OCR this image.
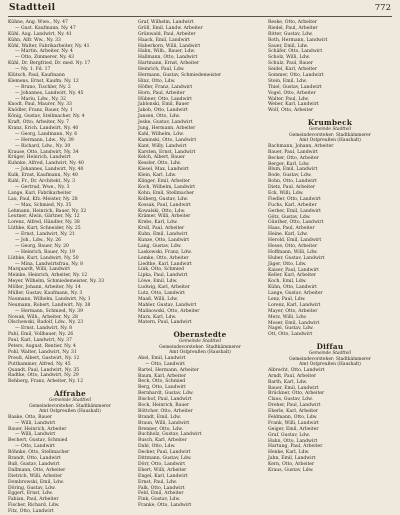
Stadtteil	772
Kühne, Ang. Wwe., Ny. 47
— Gust. Kaufmann, Ny. 47
Kühl, Aug. Landwirt, Ny. 41
Kühn, Alfr. Ww., Ny. 33
Kühl, Walter, Fabrikarbeiter, Ny. 41
— Martin, Arbeiter, Ny. 4
— Otto, Zimmerer, Ny. 43
Kühl, Dr. Bergfried, Dr. med. Ny. 17
— Ny. 1. Fd. 17
Klütsch, Paul, Kaufmann
Klemens, Ernst, Kaufm. Ny. 12
— Bruno, Tischler, Ny. 2
— Johannes, Landwirt, Ny. 45
— Mariu, Ldw., Ny. 32
Knodt, Paul, Maurer, Ny. 33
Knödler, Franz, Bauer, Ny. 1
König, Gustav, Stellmacher, Ny. 4
Kraft, Otto, Arbeiter, Ny. 7
Kranz, Erich, Landwirt, Ny. 40
— Georg, Landmann, Ny. 6
— Hermann, Ldw., Ny. 39
— Richard, Ldw., Ny. 30
Krause, Otto, Landwirt, Ny. 34
Krüger, Heinrich, Landwirt
Kuhnke, Alfred, Landwirt, Ny. 40
— Johannes, Landwirt, Ny. 40
Kulk, Ernst, Kaufmann, Ny. 40
Kuhl, Fr., Dr. Architekt, Ny. 3
— Gertrud, Wwe., Ny. 3
Lange, Karl, Fabrikarbeiter
Lau, Paul, Kfz.-Meister, Ny. 28
— Max, Schmied, Ny. 35
Lehmann, Heinrich, Bauer, Ny. 32
Leutner, Alwin, Gärtner, Ny. 12
Lorenz, Alfred, Händler, Ny. 38
Lüthke, Kurt, Schneider, Ny. 25
— Ernst, Landwirt, Ny. 21
— Joh., Ldw., Ny. 26
— Georg, Bauer, Ny. 20
— Heinrich, Bauer, Ny. 19
Lüthke, Kurt, Landwirt, Ny. 50
— Mina, Landwirtsfrau, Ny. 8
Marquardt, Willi, Landwirt
Meinke, Heinrich, Arbeiter, Ny. 12
Meyer, Wilhelm, Schmiedemeister, Ny. 33
Möller, Johann, Arbeiter, Ny. 14
Müller, Gustav, Kaufmann, Ny. 3
Naumann, Wilhelm, Landwirt, Ny. 1
Neumann, Robert, Landwirt, Ny. 38
— Hermann, Schmied, Ny. 39
Nowak, Wilh., Arbeiter, Ny. 28
Olschewski, Rudolf, Ldw., Ny. 23
— Ernst, Landwirt, Ny. 8
Pahl, Emil, Vollbauer, Ny. 26
Paul, Karl, Landwirt, Ny. 37
Peters, August, Rentier, Ny. 4
Pohl, Walter, Landwirt, Ny. 31
Preuß, Albert, Gastwirt, Ny. 12
Puttkammer, Alfred, Ny. 45
Quandt, Paul, Landwirt, Ny. 35
Radtke, Otto, Landwirt, Ny. 29
Rehberg, Franz, Arbeiter, Ny. 12
Affrahe
Gemeinde Stadtteil
Gemeindevorsteher: Stadtkämmerer
Amt Ostpreußen (Haushalt)
Baake, Otto, Bauer
— Willi, Landwirt
Bauer, Heinrich, Arbeiter
— Willi, Landwirt
Bechert, Gustav, Schmied
— Otto, Landwirt
Böhnke, Otto, Stellmacher
Brandt, Otto, Landwirt
Buß, Gustav, Landwirt
Dallmann, Otto, Arbeiter
Dietrich, Willi, Arbeiter
Dombrowski, Emil, Ldw.
Döring, Gustav, Ldw.
Eggert, Ernst, Ldw.
Fabian, Paul, Arbeiter
Fischer, Richard, Ldw.
Fitz, Otto, Landwirt
Graf, Wilhelm, Landwirt
Gröll, Emil, Landw. Arbeiter
Grünwald, Paul, Arbeiter
Haack, Emil, Landwirt
Haberkorn, Willi, Landwirt
Hahn, Wilh., Bauer, Ldw.
Hallmann, Otto, Landwirt
Hartmann, Ernst, Arbeiter
Heinrich, Paul, Ldw.
Hermann, Gustav, Schmiedemeister
Hinz, Otto, Ldw.
Höfler, Franz, Landwirt
Horn, Paul, Arbeiter
Hübner, Otto, Landwirt
Jablonski, Emil, Bauer
Jakob, Otto, Landwirt
Jansen, Otto, Ldw.
Jeske, Gustav, Landwirt
Jung, Hermann, Arbeiter
Kahl, Wilhelm, Ldw.
Kaminski, Otto, Landwirt
Kant, Willy, Landwirt
Karsten, Ernst, Landwirt
Kelch, Albert, Bauer
Kessler, Otto, Ldw.
Kiesel, Max, Landwirt
Klein, Karl, Ldw.
Klinger, Emil, Arbeiter
Koch, Wilhelm, Landwirt
Kohn, Emil, Stellmacher
Kolberg, Gustav, Ldw.
Kossak, Paul, Landwirt
Kowalski, Otto, Ldw.
Krämer, Willi, Arbeiter
Krebs, Karl, Ldw.
Kroll, Paul, Arbeiter
Kuhn, Emil, Landwirt
Kunze, Otto, Landwirt
Lang, Gustav, Ldw.
Laskowski, Franz, Ldw.
Lemke, Otto, Arbeiter
Liedtke, Karl, Landwirt
Link, Otto, Schmied
Lipka, Paul, Landwirt
Löwe, Emil, Ldw.
Ludwig, Karl, Arbeiter
Lutz, Otto, Landwirt
Maaß, Willi, Ldw.
Mahler, Gustav, Landwirt
Malinowski, Otto, Arbeiter
Marx, Karl, Ldw.
Matern, Paul, Landwirt
Obernstedte
Gemeinde Stadtteil
Gemeindevorsteher: Stadtkämmerer
Amt Ostpreußen (Haushalt)
Abel, Emil, Landwirt
— Otto, Landwirt
Bartel, Hermann, Arbeiter
Baum, Karl, Arbeiter
Beck, Otto, Schmied
Berg, Otto, Landwirt
Bernhardt, Gustav, Ldw.
Bischof, Paul, Landwirt
Bock, Heinrich, Bauer
Böttcher, Otto, Arbeiter
Brandt, Emil, Ldw.
Braun, Willi, Landwirt
Brenner, Otto, Ldw.
Buchholz, Gustav, Landwirt
Busch, Karl, Arbeiter
Dahl, Otto, Ldw.
Decker, Paul, Landwirt
Dittmann, Gustav, Ldw.
Dörr, Otto, Landwirt
Ebert, Willi, Arbeiter
Engel, Karl, Landwirt
Ernst, Paul, Ldw.
Falk, Otto, Landwirt
Feld, Emil, Arbeiter
Fink, Gustav, Ldw.
Franke, Otto, Landwirt
Reske, Otto, Arbeiter
Riedel, Paul, Arbeiter
Ritter, Gustav, Ldw.
Roth, Hermann, Landwirt
Sauer, Emil, Ldw.
Schäfer, Otto, Landwirt
Scholz, Willi, Ldw.
Schulz, Paul, Bauer
Seidel, Karl, Arbeiter
Sommer, Otto, Landwirt
Stein, Emil, Ldw.
Thiel, Gustav, Landwirt
Vogel, Otto, Arbeiter
Walter, Paul, Ldw.
Weber, Karl, Landwirt
Wolf, Otto, Arbeiter
Krumbeck
Gemeinde Stadtteil
Gemeindevorsteher: Stadtkämmerer
Amt Ostpreußen (Haushalt)
Bachmann, Johann, Arbeiter
Bauer, Paul, Landwirt
Becker, Otto, Arbeiter
Berger, Karl, Ldw.
Blum, Emil, Landwirt
Bode, Gustav, Ldw.
Bohn, Otto, Landwirt
Dietz, Paul, Arbeiter
Eck, Willi, Ldw.
Fiedler, Otto, Landwirt
Fuchs, Karl, Arbeiter
Gerber, Emil, Landwirt
Götz, Gustav, Ldw.
Günther, Otto, Landwirt
Haas, Paul, Arbeiter
Heine, Karl, Ldw.
Herold, Emil, Landwirt
Hesse, Otto, Arbeiter
Hoffmann, Willi, Ldw.
Huber, Gustav, Landwirt
Jäger, Otto, Ldw.
Kaiser, Paul, Landwirt
Keller, Karl, Arbeiter
Koch, Emil, Ldw.
Kühn, Otto, Landwirt
Lange, Gustav, Arbeiter
Lenz, Paul, Ldw.
Lorenz, Karl, Landwirt
Mayer, Otto, Arbeiter
Merz, Willi, Ldw.
Moser, Emil, Landwirt
Nagel, Gustav, Ldw.
Ott, Otto, Landwirt
Diffau
Gemeinde Stadtteil
Gemeindevorsteher: Stadtkämmerer
Amt Ostpreußen (Haushalt)
Albrecht, Otto, Landwirt
Arndt, Paul, Arbeiter
Barth, Karl, Ldw.
Bauer, Emil, Landwirt
Brückner, Otto, Arbeiter
Claus, Gustav, Ldw.
Dreher, Paul, Landwirt
Eberle, Karl, Arbeiter
Feldmann, Otto, Ldw.
Frank, Willi, Landwirt
Geiger, Emil, Arbeiter
Graf, Gustav, Ldw.
Hahn, Otto, Landwirt
Hartung, Paul, Arbeiter
Henke, Karl, Ldw.
Jahn, Emil, Landwirt
Kern, Otto, Arbeiter
Kraus, Gustav, Ldw.
